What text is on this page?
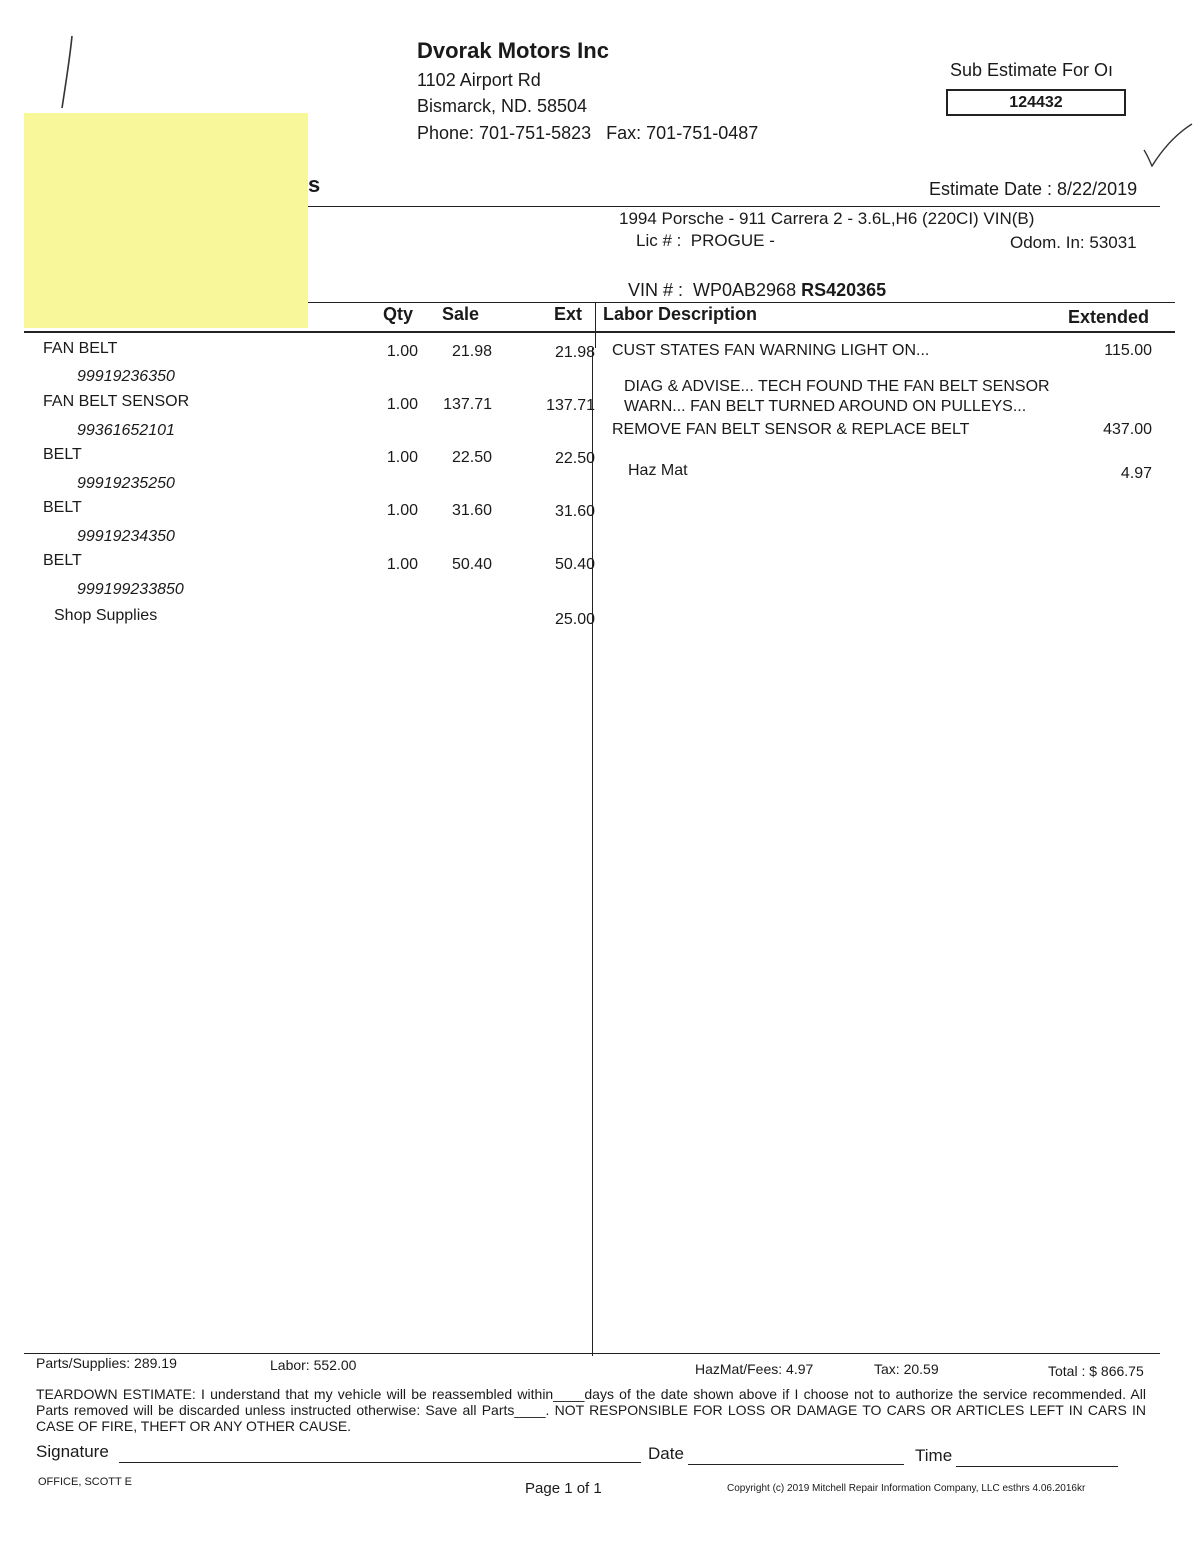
s
Dvorak Motors Inc
1102 Airport Rd
Bismarck, ND. 58504
Phone: 701-751-5823   Fax: 701-751-0487
Sub Estimate For Oı
124432
Estimate Date : 8/22/2019
1994 Porsche - 911 Carrera 2 - 3.6L,H6 (220CI) VIN(B)
Lic # :  PROGUE -	Odom. In: 53031
VIN # :  WP0AB2968 RS420365
Qty Sale	Ext Labor Description	Extended
FAN BELT
99919236350
1.00	21.98	21.98
FAN BELT SENSOR
99361652101
1.00	137.71	137.71
BELT
99919235250
1.00	22.50	22.50
BELT
99919234350
1.00	31.60	31.60
BELT
999199233850
1.00	50.40	50.40
Shop Supplies	25.00
CUST STATES FAN WARNING LIGHT ON...	115.00
DIAG & ADVISE... TECH FOUND THE FAN BELT SENSOR
WARN... FAN BELT TURNED AROUND ON PULLEYS...
REMOVE FAN BELT SENSOR & REPLACE BELT	437.00
Haz Mat	4.97
Parts/Supplies: 289.19	Labor: 552.00	HazMat/Fees: 4.97	Tax: 20.59	Total : $ 866.75
TEARDOWN ESTIMATE: I understand that my vehicle will be reassembled within____days of the date shown above if I choose not to authorize the service recommended. All Parts removed will be discarded unless instructed otherwise: Save all Parts____. NOT RESPONSIBLE FOR LOSS OR DAMAGE TO CARS OR ARTICLES LEFT IN CARS IN CASE OF FIRE, THEFT OR ANY OTHER CAUSE.
Signature	Date	Time
OFFICE, SCOTT E	Page 1 of 1	Copyright (c) 2019 Mitchell Repair Information Company, LLC esthrs 4.06.2016kr
